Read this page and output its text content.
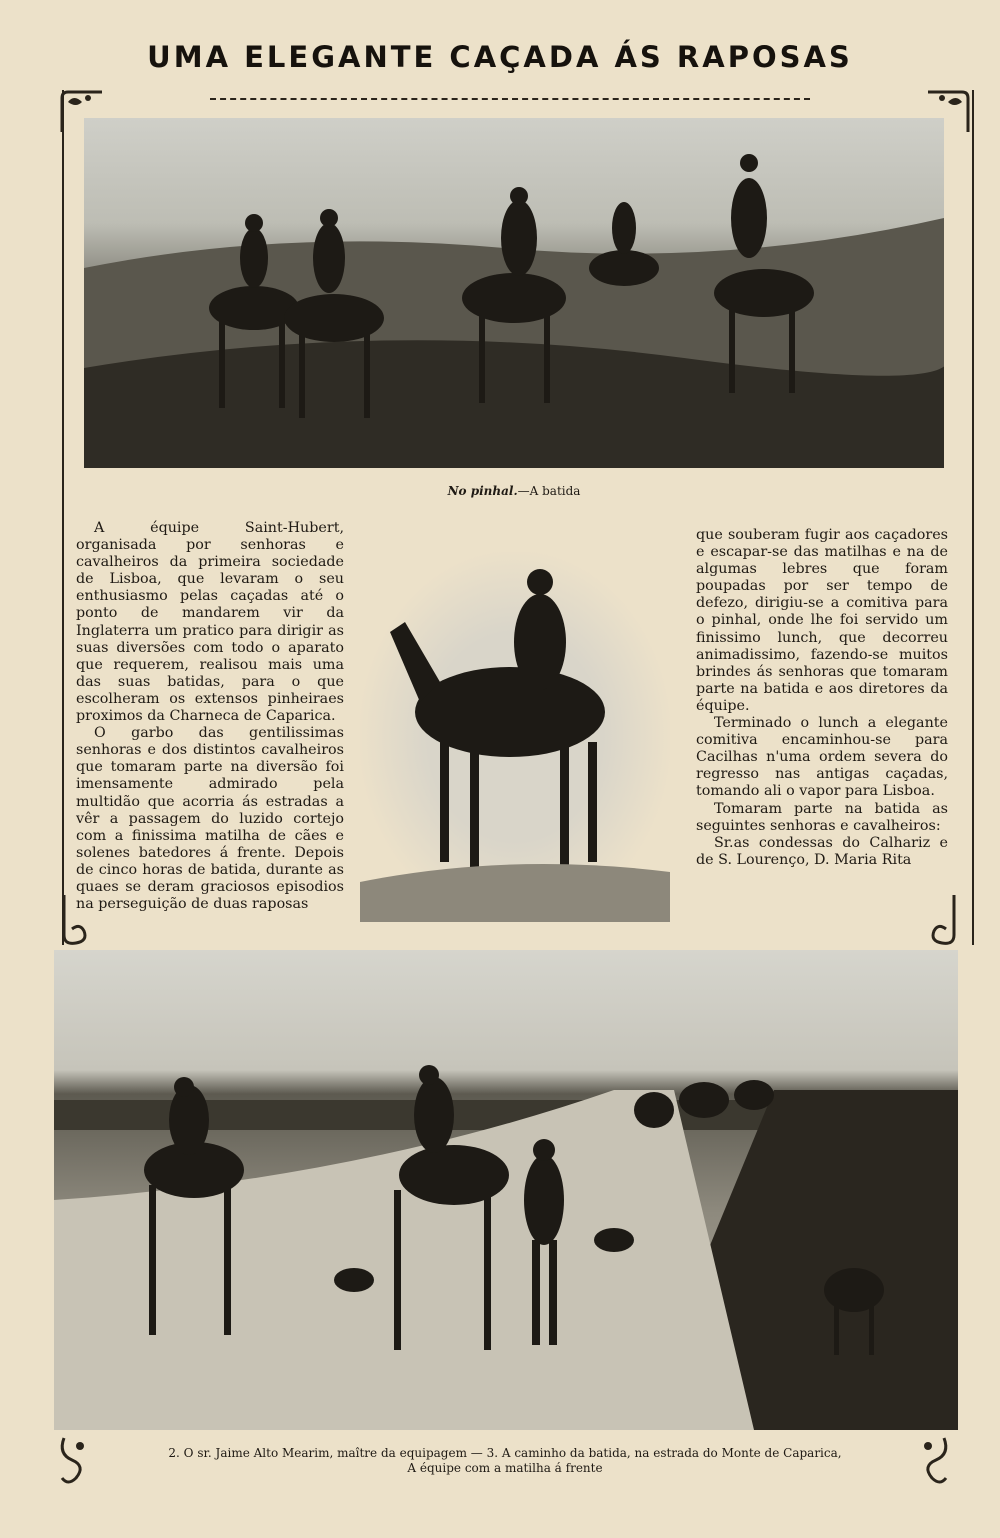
UMA ELEGANTE CAÇADA ÁS RAPOSAS
No pinhal.—A batida

A équipe Saint-Hubert, organisada por senhoras e cavalheiros da primeira sociedade de Lisboa, que levaram o seu enthusiasmo pelas caçadas até o ponto de mandarem vir da Inglaterra um pratico para dirigir as suas diversões com todo o aparato que requerem, realisou mais uma das suas batidas, para o que escolheram os extensos pinheiraes proximos da Charneca de Caparica.

O garbo das gentilissimas senhoras e dos distintos cavalheiros que tomaram parte na diversão foi imensamente admirado pela multidão que acorria ás estradas a vêr a passagem do luzido cortejo com a finissima matilha de cães e solenes batedores á frente. Depois de cinco horas de batida, durante as quaes se deram graciosos episodios na perseguição de duas raposas

que souberam fugir aos caçadores e escapar-se das matilhas e na de algumas lebres que foram poupadas por ser tempo de defezo, dirigiu-se a comitiva para o pinhal, onde lhe foi servido um finissimo lunch, que decorreu animadissimo, fazendo-se muitos brindes ás senhoras que tomaram parte na batida e aos diretores da équipe.

Terminado o lunch a elegante comitiva encaminhou-se para Cacilhas n'uma ordem severa do regresso nas antigas caçadas, tomando ali o vapor para Lisboa.

Tomaram parte na batida as seguintes senhoras e cavalheiros:

Sr.as condessas do Calhariz e de S. Lourenço, D. Maria Rita

2. O sr. Jaime Alto Mearim, maître da equipagem — 3. A caminho da batida, na estrada do Monte de Caparica,
A équipe com a matilha á frente
